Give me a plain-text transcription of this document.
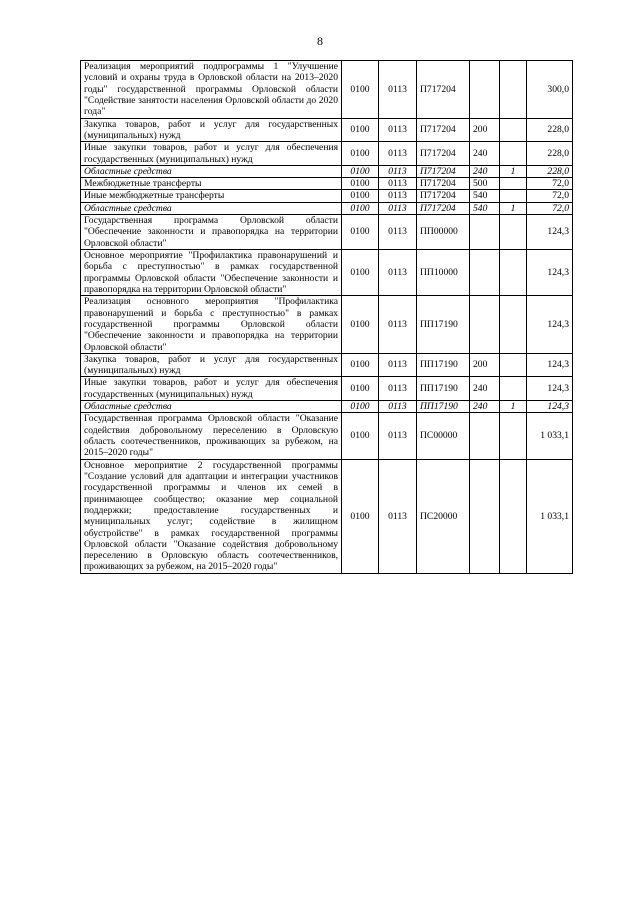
8
Реализация мероприятий подпрограммы 1 "Улучшение условий и охраны труда в Орловской области на 2013–2020 годы" государственной программы Орловской области "Содействие занятости населения Орловской области до 2020 года"	0100	0113	П717204			300,0
Закупка товаров, работ и услуг для государственных (муниципальных) нужд	0100	0113	П717204	200		228,0
Иные закупки товаров, работ и услуг для обеспечения государственных (муниципальных) нужд	0100	0113	П717204	240		228,0
Областные средства	0100	0113	П717204	240	1	228,0
Межбюджетные трансферты	0100	0113	П717204	500		72,0
Иные межбюджетные трансферты	0100	0113	П717204	540		72,0
Областные средства	0100	0113	П717204	540	1	72,0
Государственная программа Орловской области "Обеспечение законности и правопорядка на территории Орловской области"	0100	0113	ПП00000			124,3
Основное мероприятие "Профилактика правонарушений и борьба с преступностью" в рамках государственной программы Орловской области "Обеспечение законности и правопорядка на территории Орловской области"	0100	0113	ПП10000			124,3
Реализация основного мероприятия "Профилактика правонарушений и борьба с преступностью" в рамках государственной программы Орловской области "Обеспечение законности и правопорядка на территории Орловской области"	0100	0113	ПП17190			124,3
Закупка товаров, работ и услуг для государственных (муниципальных) нужд	0100	0113	ПП17190	200		124,3
Иные закупки товаров, работ и услуг для обеспечения государственных (муниципальных) нужд	0100	0113	ПП17190	240		124,3
Областные средства	0100	0113	ПП17190	240	1	124,3
Государственная программа Орловской области "Оказание содействия добровольному переселению в Орловскую область соотечественников, проживающих за рубежом, на 2015–2020 годы"	0100	0113	ПС00000			1 033,1
Основное мероприятие 2 государственной программы "Создание условий для адаптации и интеграции участников государственной программы и членов их семей в принимающее сообщество; оказание мер социальной поддержки; предоставление государственных и муниципальных услуг; содействие в жилищном обустройстве" в рамках государственной программы Орловской области "Оказание содействия добровольному переселению в Орловскую область соотечественников, проживающих за рубежом, на 2015–2020 годы"	0100	0113	ПС20000			1 033,1
